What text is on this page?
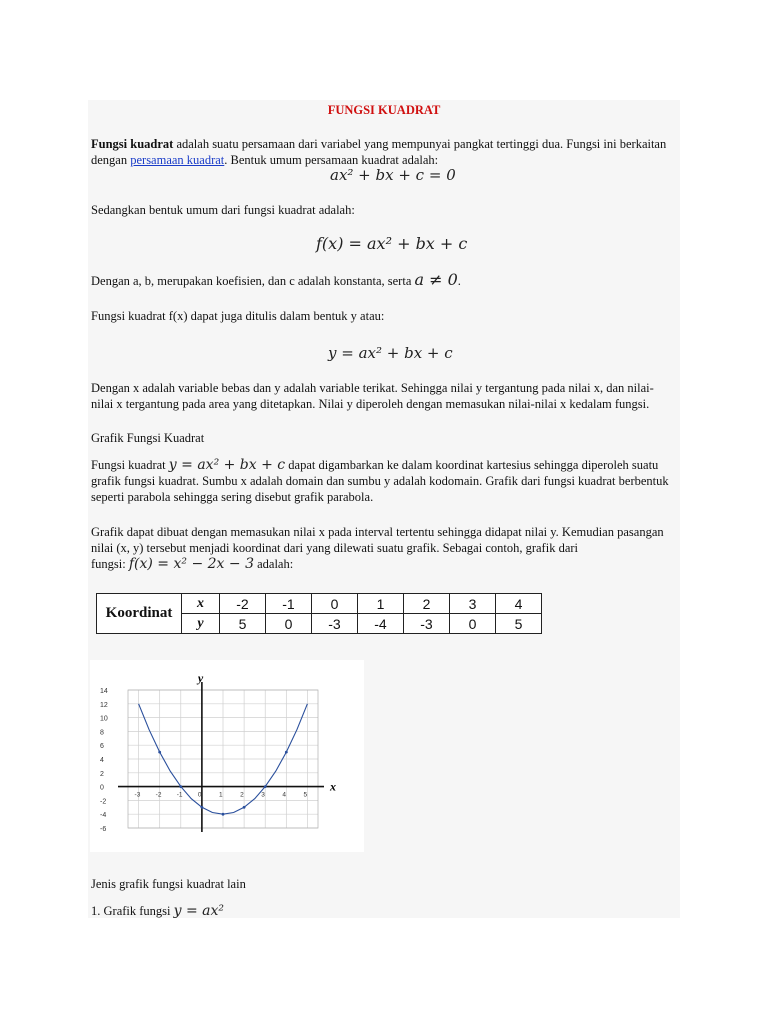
FUNGSI KUADRAT
Fungsi kuadrat adalah suatu persamaan dari variabel yang mempunyai pangkat tertinggi dua. Fungsi ini berkaitan
dengan persamaan kuadrat. Bentuk umum persamaan kuadrat adalah:
ax² + bx + c = 0
Sedangkan bentuk umum dari fungsi kuadrat adalah:
f(x) = ax² + bx + c
Dengan a, b, merupakan koefisien, dan c adalah konstanta, serta a ≠ 0.
Fungsi kuadrat f(x) dapat juga ditulis dalam bentuk y atau:
y = ax² + bx + c
Dengan x adalah variable bebas dan y adalah variable terikat. Sehingga nilai y tergantung pada nilai x, dan nilai-
nilai x tergantung pada area yang ditetapkan. Nilai y diperoleh dengan memasukan nilai-nilai x kedalam fungsi.
Grafik Fungsi Kuadrat
Fungsi kuadrat y = ax² + bx + c dapat digambarkan ke dalam koordinat kartesius sehingga diperoleh suatu
grafik fungsi kuadrat. Sumbu x adalah domain dan sumbu y adalah kodomain. Grafik dari fungsi kuadrat berbentuk
seperti parabola sehingga sering disebut grafik parabola.
Grafik dapat dibuat dengan memasukan nilai x pada interval tertentu sehingga didapat nilai y. Kemudian pasangan
nilai (x, y) tersebut menjadi koordinat dari yang dilewati suatu grafik. Sebagai contoh, grafik dari
fungsi: f(x) = x² − 2x − 3 adalah:
Koordinat	x	-2	-1	0	1	2	3	4
	y	5	0	-3	-4	-3	0	5
x
y
14
12
10
8
6
4
2
0
-2
-4
-6
-3 -2 -1 0	1	2	3	4	5
Jenis grafik fungsi kuadrat lain
1. Grafik fungsi y = ax²
